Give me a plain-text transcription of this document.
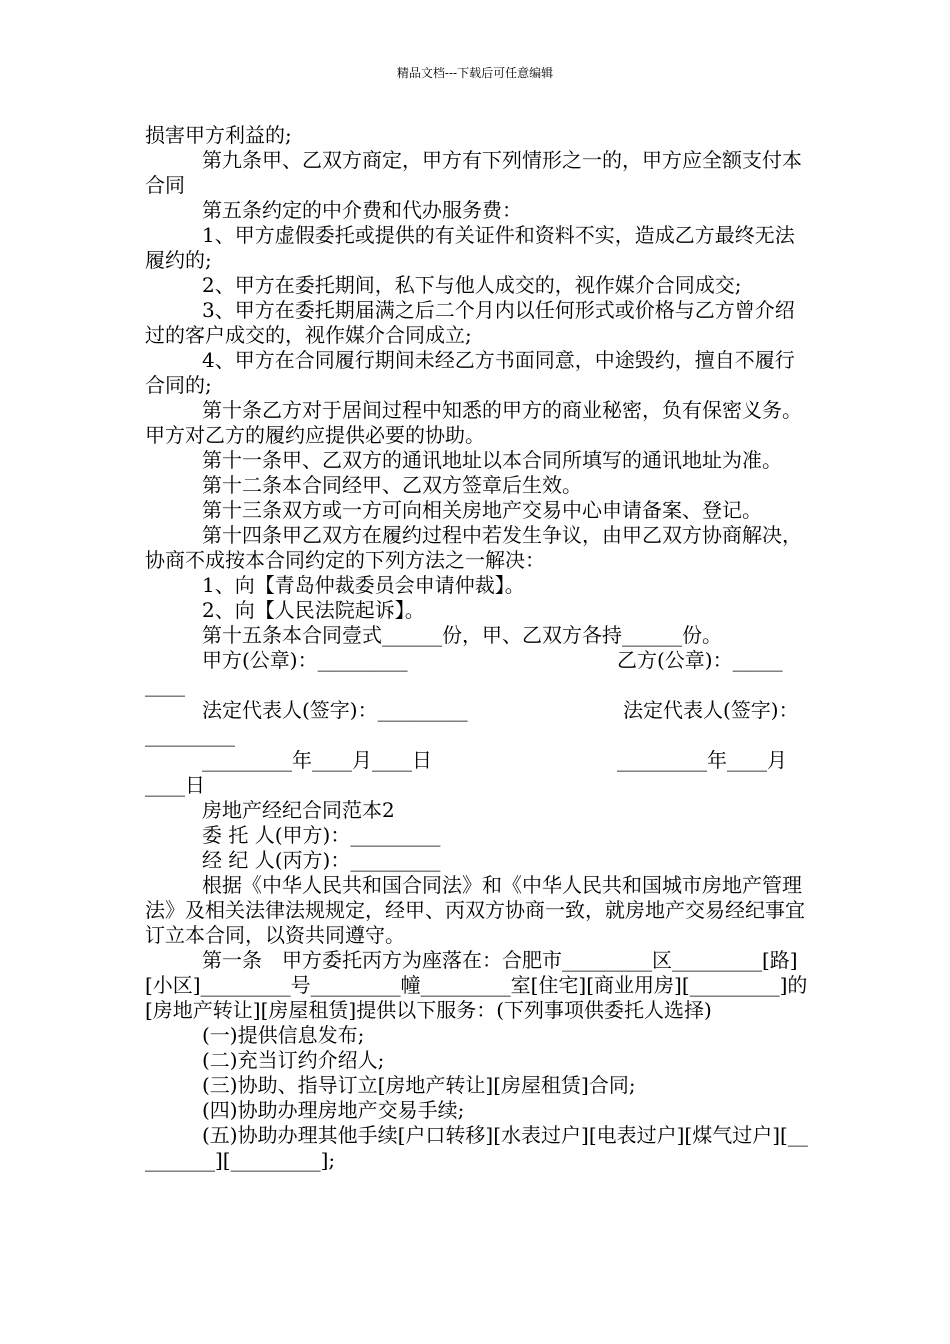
精品文档---下载后可任意编辑

损害甲方利益的;

第九条甲、乙双方商定，甲方有下列情形之一的，甲方应全额支付本合同

第五条约定的中介费和代办服务费：

1、甲方虚假委托或提供的有关证件和资料不实，造成乙方最终无法履约的;

2、甲方在委托期间，私下与他人成交的，视作媒介合同成交;

3、甲方在委托期届满之后二个月内以任何形式或价格与乙方曾介绍过的客户成交的，视作媒介合同成立;

4、甲方在合同履行期间未经乙方书面同意，中途毁约，擅自不履行合同的;

第十条乙方对于居间过程中知悉的甲方的商业秘密，负有保密义务。甲方对乙方的履约应提供必要的协助。

第十一条甲、乙双方的通讯地址以本合同所填写的通讯地址为准。

第十二条本合同经甲、乙双方签章后生效。

第十三条双方或一方可向相关房地产交易中心申请备案、登记。

第十四条甲乙双方在履约过程中若发生争议，由甲乙双方协商解决，协商不成按本合同约定的下列方法之一解决：

1、向【青岛仲裁委员会申请仲裁】。

2、向【人民法院起诉】。

第十五条本合同壹式______份，甲、乙双方各持______份。

甲方(公章)：_________

	乙方(公章)：_____

____

法定代表人(签字)：_________

	法定代表人(签字)：

_________

_________年____月____日

	_________年____月

____日

房地产经纪合同范本2

委 托 人(甲方)：_________

经 纪 人(丙方)：_________

根据《中华人民共和国合同法》和《中华人民共和国城市房地产管理法》及相关法律法规规定，经甲、丙双方协商一致，就房地产交易经纪事宜订立本合同，以资共同遵守。

第一条　甲方委托丙方为座落在：合肥市_________区_________[路][小区]_________号_________幢_________室[住宅][商业用房][_________]的[房地产转让][房屋租赁]提供以下服务：(下列事项供委托人选择)

(一)提供信息发布;

(二)充当订约介绍人;

(三)协助、指导订立[房地产转让][房屋租赁]合同;

(四)协助办理房地产交易手续;

(五)协助办理其他手续[户口转移][水表过户][电表过户][煤气过户][_________][_________];
